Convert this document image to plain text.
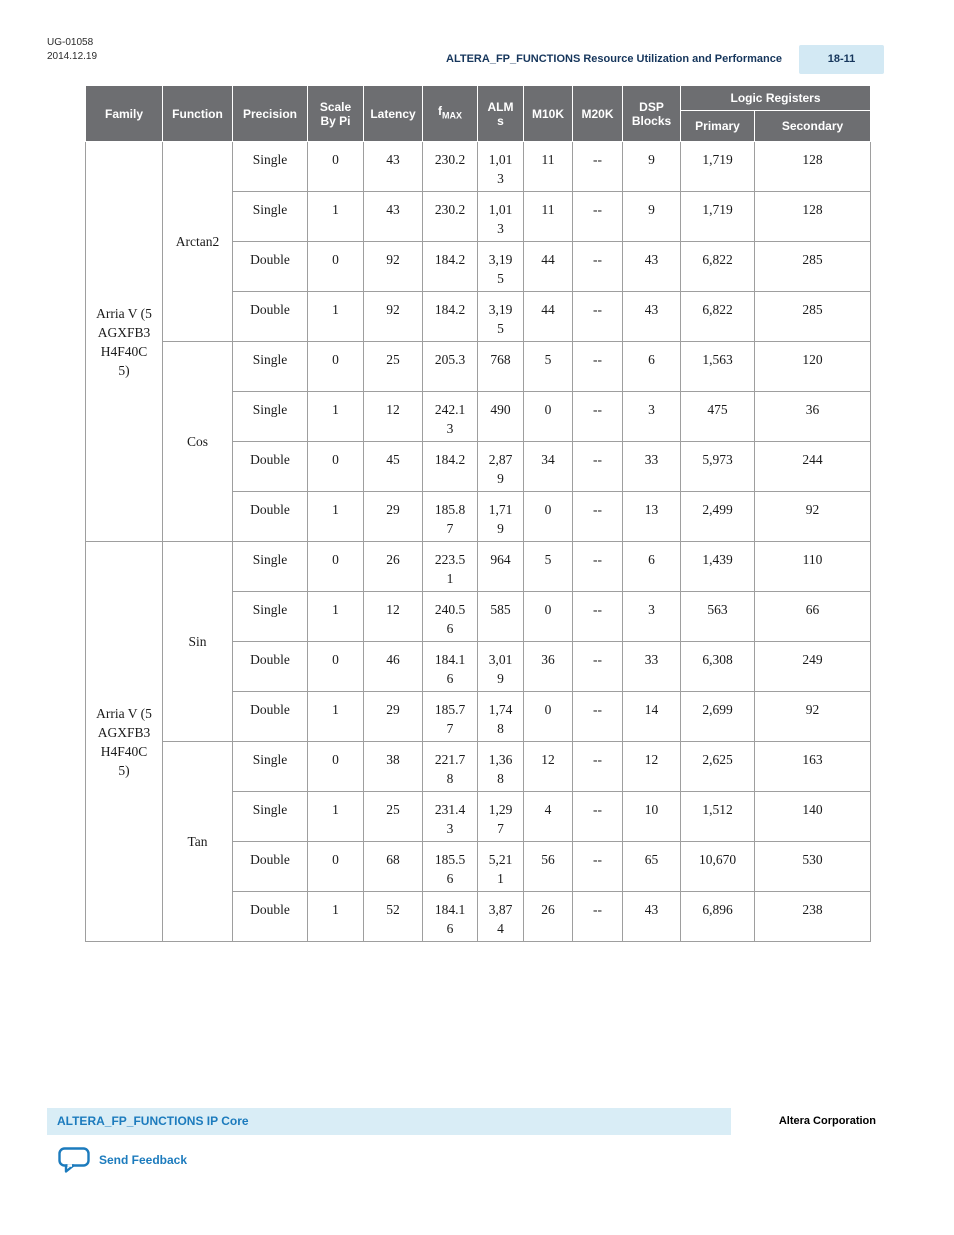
UG-01058
2014.12.19	ALTERA_FP_FUNCTIONS Resource Utilization and Performance	18-11
Family	Function	Precision	Scale By Pi	Latency	$f_{MAX}$	ALMs	M10K	M20K	DSP Blocks	Logic Registers	
										Primary	Secondary
Arria V (5AGXFB3H4F40C5)	Arctan2	Single	0	43	230.2	1,013	11	--	9	1,719	128
		Single	1	43	230.2	1,013	11	--	9	1,719	128
		Double	0	92	184.2	3,195	44	--	43	6,822	285
		Double	1	92	184.2	3,195	44	--	43	6,822	285
	Cos	Single	0	25	205.3	768	5	--	6	1,563	120
		Single	1	12	242.13	490	0	--	3	475	36
		Double	0	45	184.2	2,879	34	--	33	5,973	244
		Double	1	29	185.87	1,719	0	--	13	2,499	92
Arria V (5AGXFB3H4F40C5)	Sin	Single	0	26	223.51	964	5	--	6	1,439	110
		Single	1	12	240.56	585	0	--	3	563	66
		Double	0	46	184.16	3,019	36	--	33	6,308	249
		Double	1	29	185.77	1,748	0	--	14	2,699	92
	Tan	Single	0	38	221.78	1,368	12	--	12	2,625	163
		Single	1	25	231.43	1,297	4	--	10	1,512	140
		Double	0	68	185.56	5,211	56	--	65	10,670	530
		Double	1	52	184.16	3,874	26	--	43	6,896	238
ALTERA_FP_FUNCTIONS IP Core	Altera Corporation
Send Feedback
